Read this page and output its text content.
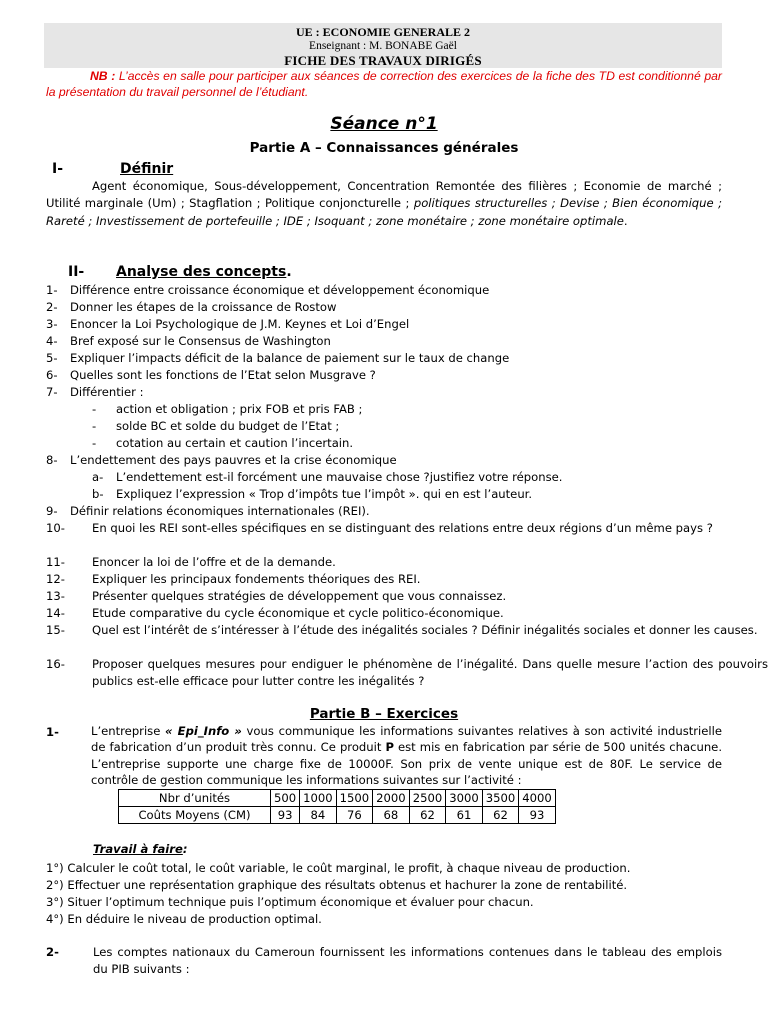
UE : ECONOMIE GENERALE 2
Enseignant : M. BONABE Gaël
FICHE DES TRAVAUX DIRIGÉS
NB : L’accès en salle pour participer aux séances de correction des exercices de la fiche des TD est conditionné par la présentation du travail personnel de l’étudiant.
Séance n°1
Partie A – Connaissances générales
I-	Définir
Agent économique, Sous-développement, Concentration Remontée des filières ; Economie de marché ; Utilité marginale (Um) ; Stagflation ; Politique conjoncturelle ; politiques structurelles ; Devise ; Bien économique ; Rareté ; Investissement de portefeuille ; IDE ; Isoquant ; zone monétaire ; zone monétaire optimale.
II- Analyse des concepts.
1- Différence entre croissance économique et développement économique
2- Donner les étapes de la croissance de Rostow
3- Enoncer la Loi Psychologique de J.M. Keynes et Loi d’Engel
4- Bref exposé sur le Consensus de Washington
5- Expliquer l’impacts déficit de la balance de paiement sur le taux de change
6- Quelles sont les fonctions de l’Etat selon Musgrave ?
7- Différentier :
- action et obligation ; prix FOB et pris FAB ;
- solde BC et solde du budget de l’Etat ;
- cotation au certain et caution l’incertain.
8- L’endettement des pays pauvres et la crise économique
a- L’endettement est-il forcément une mauvaise chose ?justifiez votre réponse.
b- Expliquez l’expression « Trop d’impôts tue l’impôt ». qui en est l’auteur.
9- Définir relations économiques internationales (REI).
10- En quoi les REI sont-elles spécifiques en se distinguant des relations entre deux régions d’un même pays ?
11- Enoncer la loi de l’offre et de la demande.
12- Expliquer les principaux fondements théoriques des REI.
13- Présenter quelques stratégies de développement que vous connaissez.
14- Etude comparative du cycle économique et cycle politico-économique.
15- Quel est l’intérêt de s’intéresser à l’étude des inégalités sociales ? Définir inégalités sociales et donner les causes.
16- Proposer quelques mesures pour endiguer le phénomène de l’inégalité. Dans quelle mesure l’action des pouvoirs publics est-elle efficace pour lutter contre les inégalités ?
Partie B – Exercices
1-	L’entreprise « Epi_Info » vous communique les informations suivantes relatives à son activité industrielle de fabrication d’un produit très connu. Ce produit P est mis en fabrication par série de 500 unités chacune. L’entreprise supporte une charge fixe de 10000F. Son prix de vente unique est de 80F. Le service de contrôle de gestion communique les informations suivantes sur l’activité :
Nbr d’unités	500	1000	1500	2000	2500	3000	3500	4000
Coûts Moyens (CM)	93	84	76	68	62	61	62	93
Travail à faire:
1°) Calculer le coût total, le coût variable, le coût marginal, le profit, à chaque niveau de production.
2°) Effectuer une représentation graphique des résultats obtenus et hachurer la zone de rentabilité.
3°) Situer l’optimum technique puis l’optimum économique et évaluer pour chacun.
4°) En déduire le niveau de production optimal.
2-	Les comptes nationaux du Cameroun fournissent les informations contenues dans le tableau des emplois du PIB suivants :
